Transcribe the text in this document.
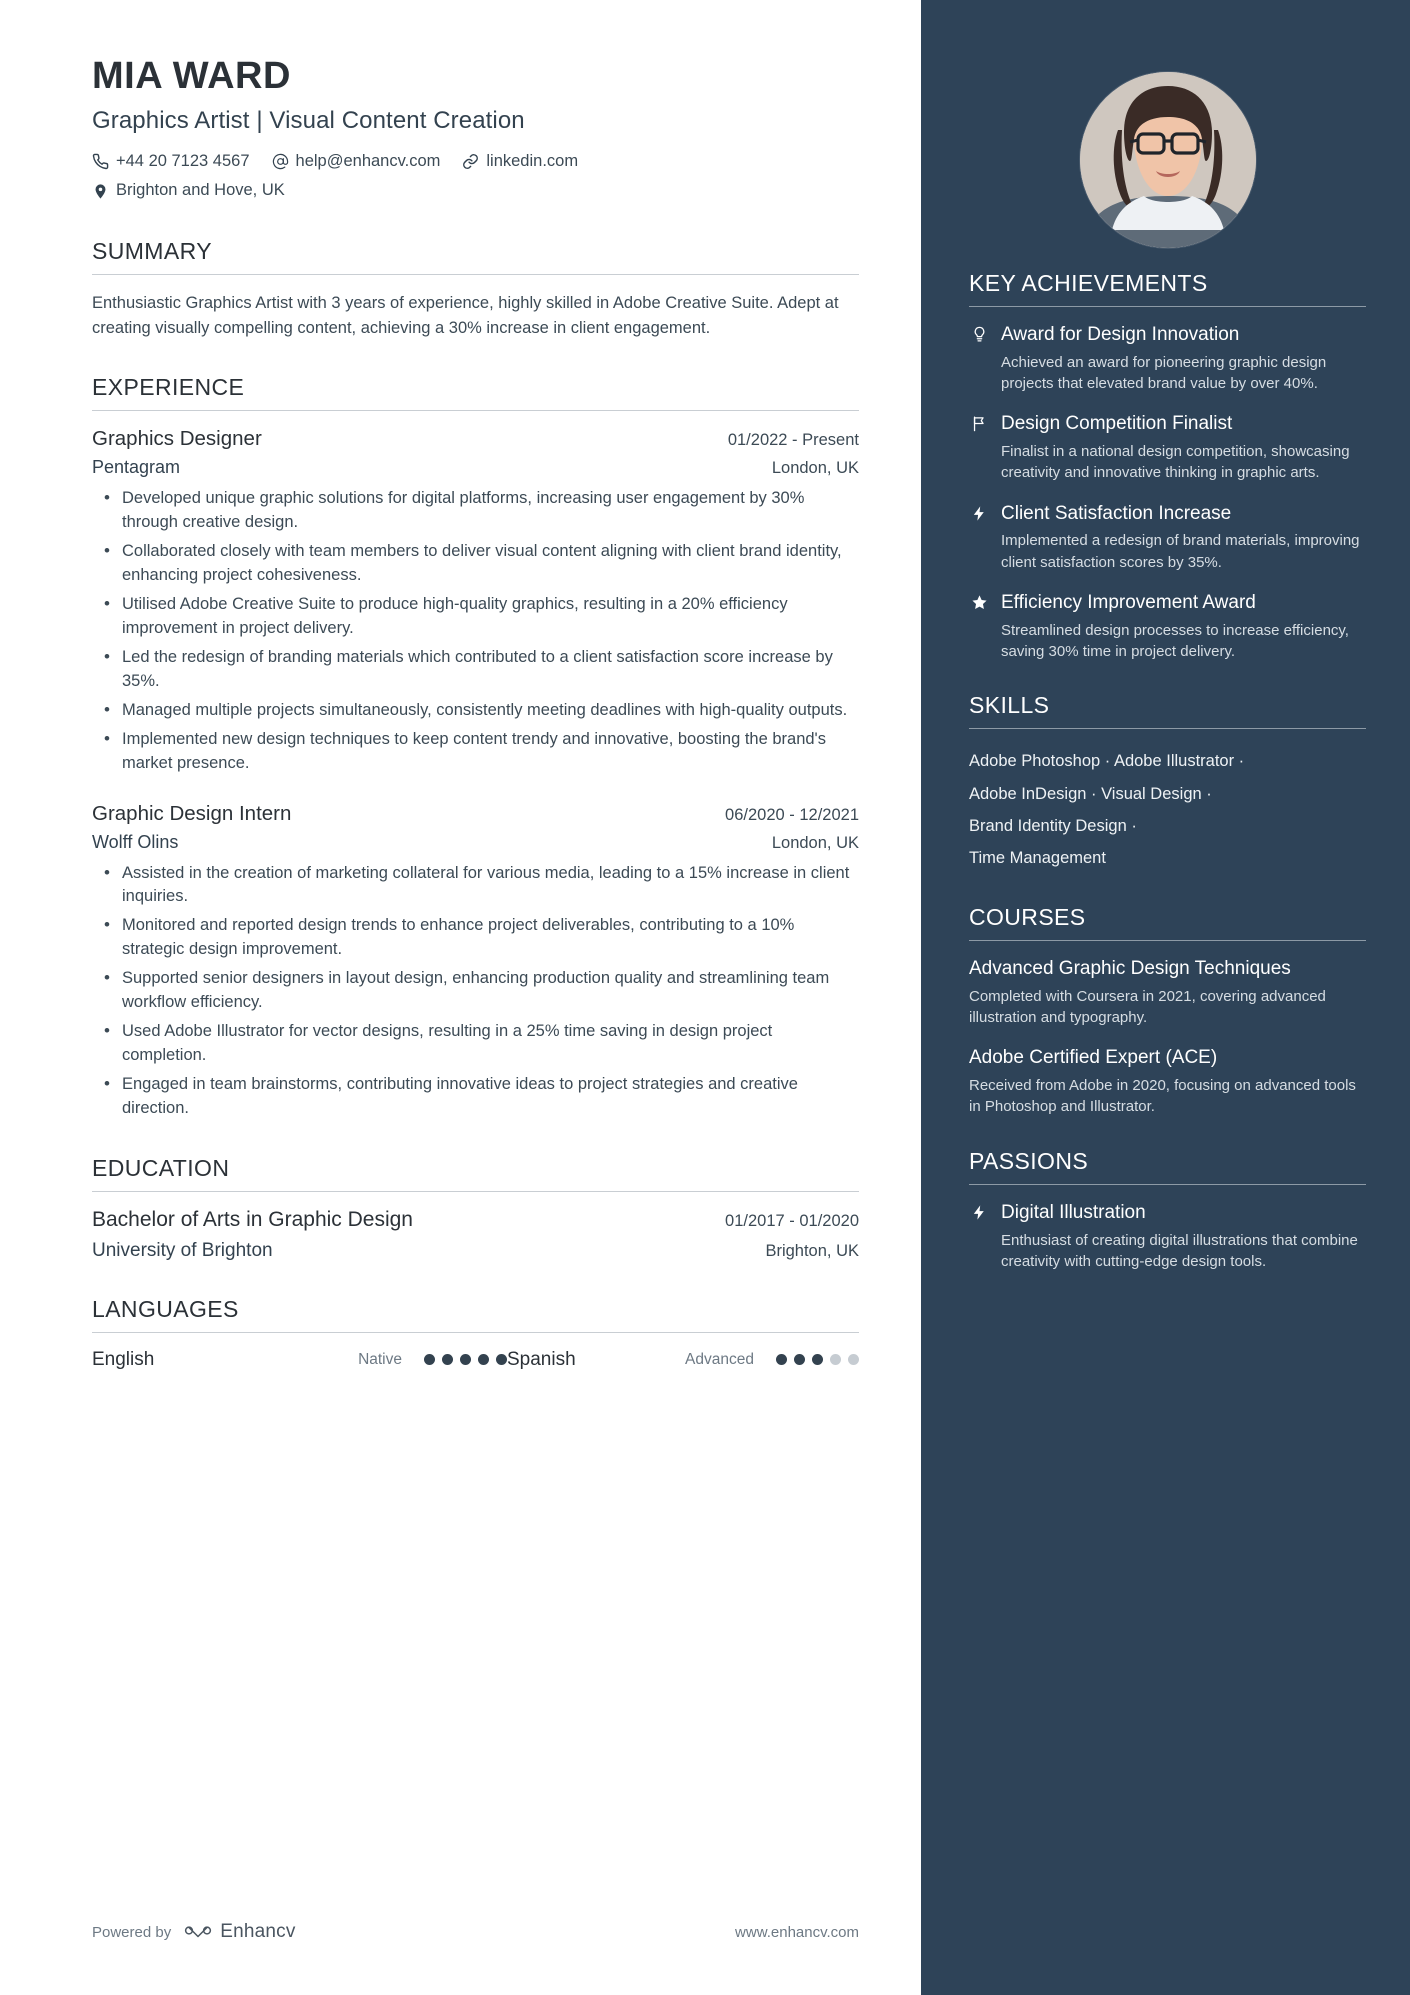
MIA WARD
Graphics Artist | Visual Content Creation
+44 20 7123 4567	help@enhancv.com	linkedin.com
Brighton and Hove, UK
SUMMARY
Enthusiastic Graphics Artist with 3 years of experience, highly skilled in Adobe Creative Suite. Adept at creating visually compelling content, achieving a 30% increase in client engagement.
EXPERIENCE
Graphics Designer	01/2022 - Present
Pentagram	London, UK
• Developed unique graphic solutions for digital platforms, increasing user engagement by 30% through creative design.
• Collaborated closely with team members to deliver visual content aligning with client brand identity, enhancing project cohesiveness.
• Utilised Adobe Creative Suite to produce high-quality graphics, resulting in a 20% efficiency improvement in project delivery.
• Led the redesign of branding materials which contributed to a client satisfaction score increase by 35%.
• Managed multiple projects simultaneously, consistently meeting deadlines with high-quality outputs.
• Implemented new design techniques to keep content trendy and innovative, boosting the brand's market presence.
Graphic Design Intern	06/2020 - 12/2021
Wolff Olins	London, UK
• Assisted in the creation of marketing collateral for various media, leading to a 15% increase in client inquiries.
• Monitored and reported design trends to enhance project deliverables, contributing to a 10% strategic design improvement.
• Supported senior designers in layout design, enhancing production quality and streamlining team workflow efficiency.
• Used Adobe Illustrator for vector designs, resulting in a 25% time saving in design project completion.
• Engaged in team brainstorms, contributing innovative ideas to project strategies and creative direction.
EDUCATION
Bachelor of Arts in Graphic Design	01/2017 - 01/2020
University of Brighton	Brighton, UK
LANGUAGES
English	Native	Spanish	Advanced
Powered by	Enhancv	www.enhancv.com
KEY ACHIEVEMENTS
Award for Design Innovation
Achieved an award for pioneering graphic design projects that elevated brand value by over 40%.
Design Competition Finalist
Finalist in a national design competition, showcasing creativity and innovative thinking in graphic arts.
Client Satisfaction Increase
Implemented a redesign of brand materials, improving client satisfaction scores by 35%.
Efficiency Improvement Award
Streamlined design processes to increase efficiency, saving 30% time in project delivery.
SKILLS
Adobe Photoshop · Adobe Illustrator ·
Adobe InDesign · Visual Design ·
Brand Identity Design ·
Time Management
COURSES
Advanced Graphic Design Techniques
Completed with Coursera in 2021, covering advanced illustration and typography.
Adobe Certified Expert (ACE)
Received from Adobe in 2020, focusing on advanced tools in Photoshop and Illustrator.
PASSIONS
Digital Illustration
Enthusiast of creating digital illustrations that combine creativity with cutting-edge design tools.
